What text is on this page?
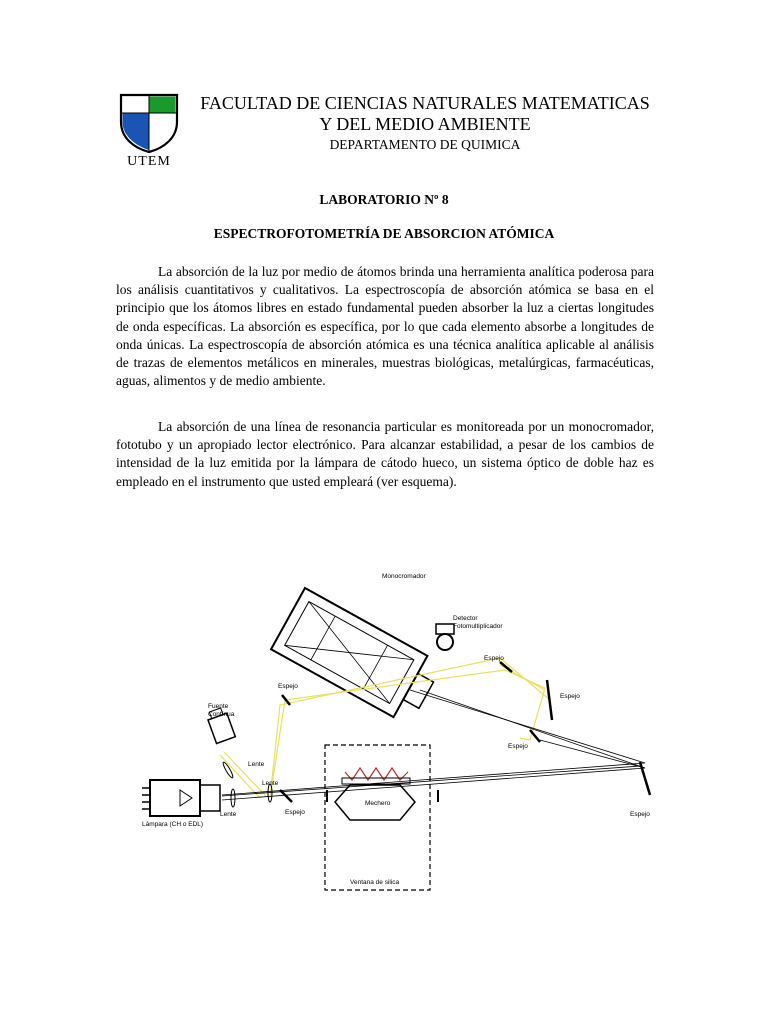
UTEM
FACULTAD DE CIENCIAS NATURALES MATEMATICAS
Y DEL MEDIO AMBIENTE
DEPARTAMENTO DE QUIMICA
LABORATORIO Nº 8
ESPECTROFOTOMETRÍA DE ABSORCION ATÓMICA

La absorción de la luz por medio de átomos brinda una herramienta analítica poderosa para los análisis cuantitativos y cualitativos. La espectroscopía de absorción atómica se basa en el principio que los átomos libres en estado fundamental pueden absorber la luz a ciertas longitudes de onda específicas. La absorción es específica, por lo que cada elemento absorbe a longitudes de onda únicas. La espectroscopía de absorción atómica es una técnica analítica aplicable al análisis de trazas de elementos metálicos en minerales, muestras biológicas, metalúrgicas, farmacéuticas, aguas, alimentos y de medio ambiente.

La absorción de una línea de resonancia particular es monitoreada por un monocromador, fototubo y un apropiado lector electrónico. Para alcanzar estabilidad, a pesar de los cambios de intensidad de la luz emitida por la lámpara de cátodo hueco, un sistema óptico de doble haz es empleado en el instrumento que usted empleará (ver esquema).

Monocromador
Detector
Fotomultiplicador
Espejo
Espejo
Espejo
Espejo
Espejo
Espejo
Fuente
Contínua
Lente
Lente
Lente
Lámpara (CH o EDL)
Mechero
Ventana de silica
